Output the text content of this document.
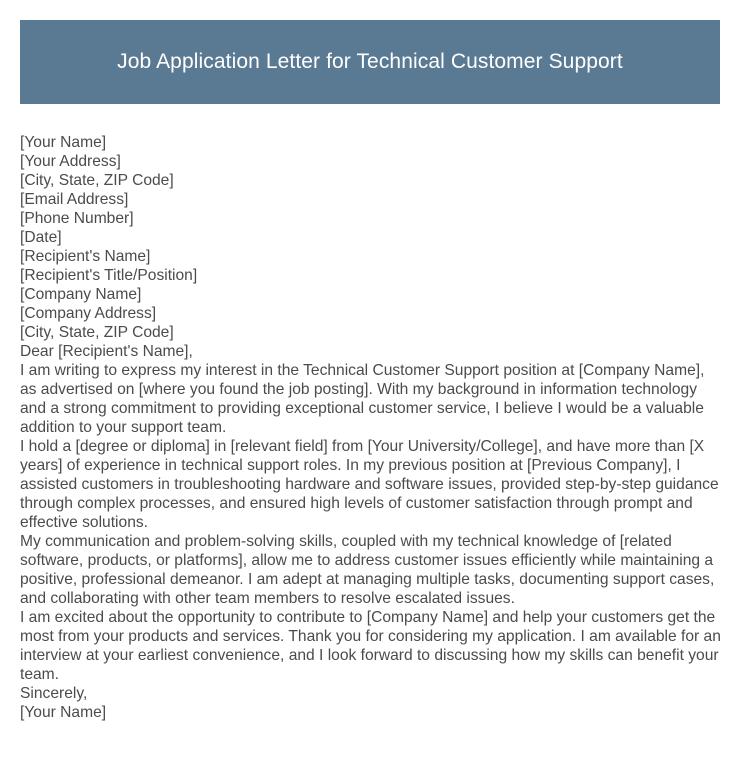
Job Application Letter for Technical Customer Support
[Your Name]
[Your Address]
[City, State, ZIP Code]
[Email Address]
[Phone Number]
[Date]
[Recipient's Name]
[Recipient's Title/Position]
[Company Name]
[Company Address]
[City, State, ZIP Code]
Dear [Recipient's Name],

I am writing to express my interest in the Technical Customer Support position at [Company Name], as advertised on [where you found the job posting]. With my background in information technology and a strong commitment to providing exceptional customer service, I believe I would be a valuable addition to your support team.

I hold a [degree or diploma] in [relevant field] from [Your University/College], and have more than [X years] of experience in technical support roles. In my previous position at [Previous Company], I assisted customers in troubleshooting hardware and software issues, provided step-by-step guidance through complex processes, and ensured high levels of customer satisfaction through prompt and effective solutions.

My communication and problem-solving skills, coupled with my technical knowledge of [related software, products, or platforms], allow me to address customer issues efficiently while maintaining a positive, professional demeanor. I am adept at managing multiple tasks, documenting support cases, and collaborating with other team members to resolve escalated issues.

I am excited about the opportunity to contribute to [Company Name] and help your customers get the most from your products and services. Thank you for considering my application. I am available for an interview at your earliest convenience, and I look forward to discussing how my skills can benefit your team.

Sincerely,
[Your Name]
